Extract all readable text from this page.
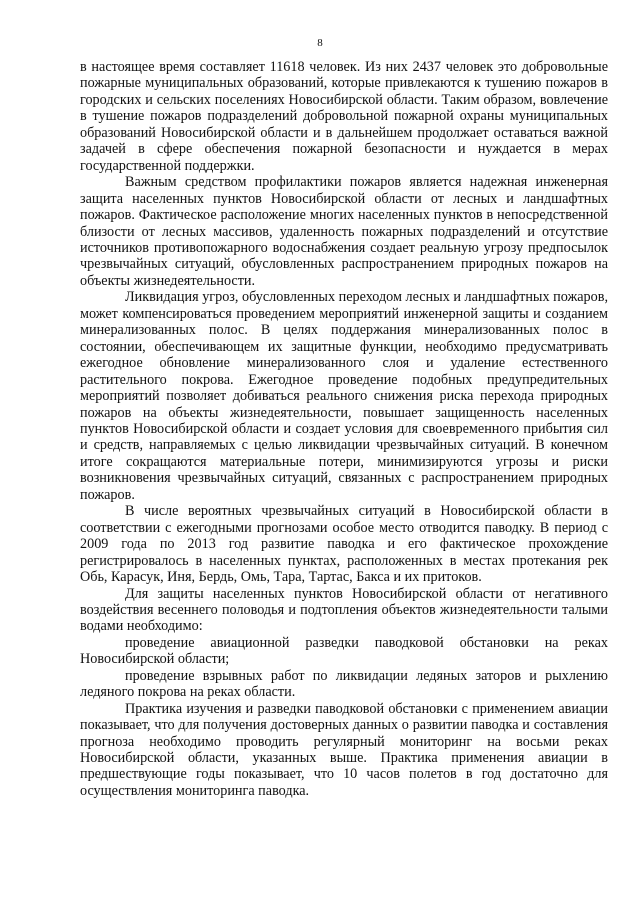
8

в настоящее время составляет 11618 человек. Из них 2437 человек это добровольные пожарные муниципальных образований, которые привлекаются к тушению пожаров в городских и сельских поселениях Новосибирской области. Таким образом, вовлечение в тушение пожаров подразделений добровольной пожарной охраны муниципальных образований Новосибирской области и в дальнейшем продолжает оставаться важной задачей в сфере обеспечения пожарной безопасности и нуждается в мерах государственной поддержки.

Важным средством профилактики пожаров является надежная инженерная защита населенных пунктов Новосибирской области от лесных и ландшафтных пожаров. Фактическое расположение многих населенных пунктов в непосредственной близости от лесных массивов, удаленность пожарных подразделений и отсутствие источников противопожарного водоснабжения создает реальную угрозу предпосылок чрезвычайных ситуаций, обусловленных распространением природных пожаров на объекты жизнедеятельности.

Ликвидация угроз, обусловленных переходом лесных и ландшафтных пожаров, может компенсироваться проведением мероприятий инженерной защиты и созданием минерализованных полос. В целях поддержания минерализованных полос в состоянии, обеспечивающем их защитные функции, необходимо предусматривать ежегодное обновление минерализованного слоя и удаление естественного растительного покрова. Ежегодное проведение подобных предупредительных мероприятий позволяет добиваться реального снижения риска перехода природных пожаров на объекты жизнедеятельности, повышает защищенность населенных пунктов Новосибирской области и создает условия для своевременного прибытия сил и средств, направляемых с целью ликвидации чрезвычайных ситуаций. В конечном итоге сокращаются материальные потери, минимизируются угрозы и риски возникновения чрезвычайных ситуаций, связанных с распространением природных пожаров.

В числе вероятных чрезвычайных ситуаций в Новосибирской области в соответствии с ежегодными прогнозами особое место отводится паводку. В период с 2009 года по 2013 год развитие паводка и его фактическое прохождение регистрировалось в населенных пунктах, расположенных в местах протекания рек Обь, Карасук, Иня, Бердь, Омь, Тара, Тартас, Бакса и их притоков.

Для защиты населенных пунктов Новосибирской области от негативного воздействия весеннего половодья и подтопления объектов жизнедеятельности талыми водами необходимо:

проведение авиационной разведки паводковой обстановки на реках Новосибирской области;

проведение взрывных работ по ликвидации ледяных заторов и рыхлению ледяного покрова на реках области.

Практика изучения и разведки паводковой обстановки с применением авиации показывает, что для получения достоверных данных о развитии паводка и составления прогноза необходимо проводить регулярный мониторинг на восьми реках Новосибирской области, указанных выше. Практика применения авиации в предшествующие годы показывает, что 10 часов полетов в год достаточно для осуществления мониторинга паводка.
